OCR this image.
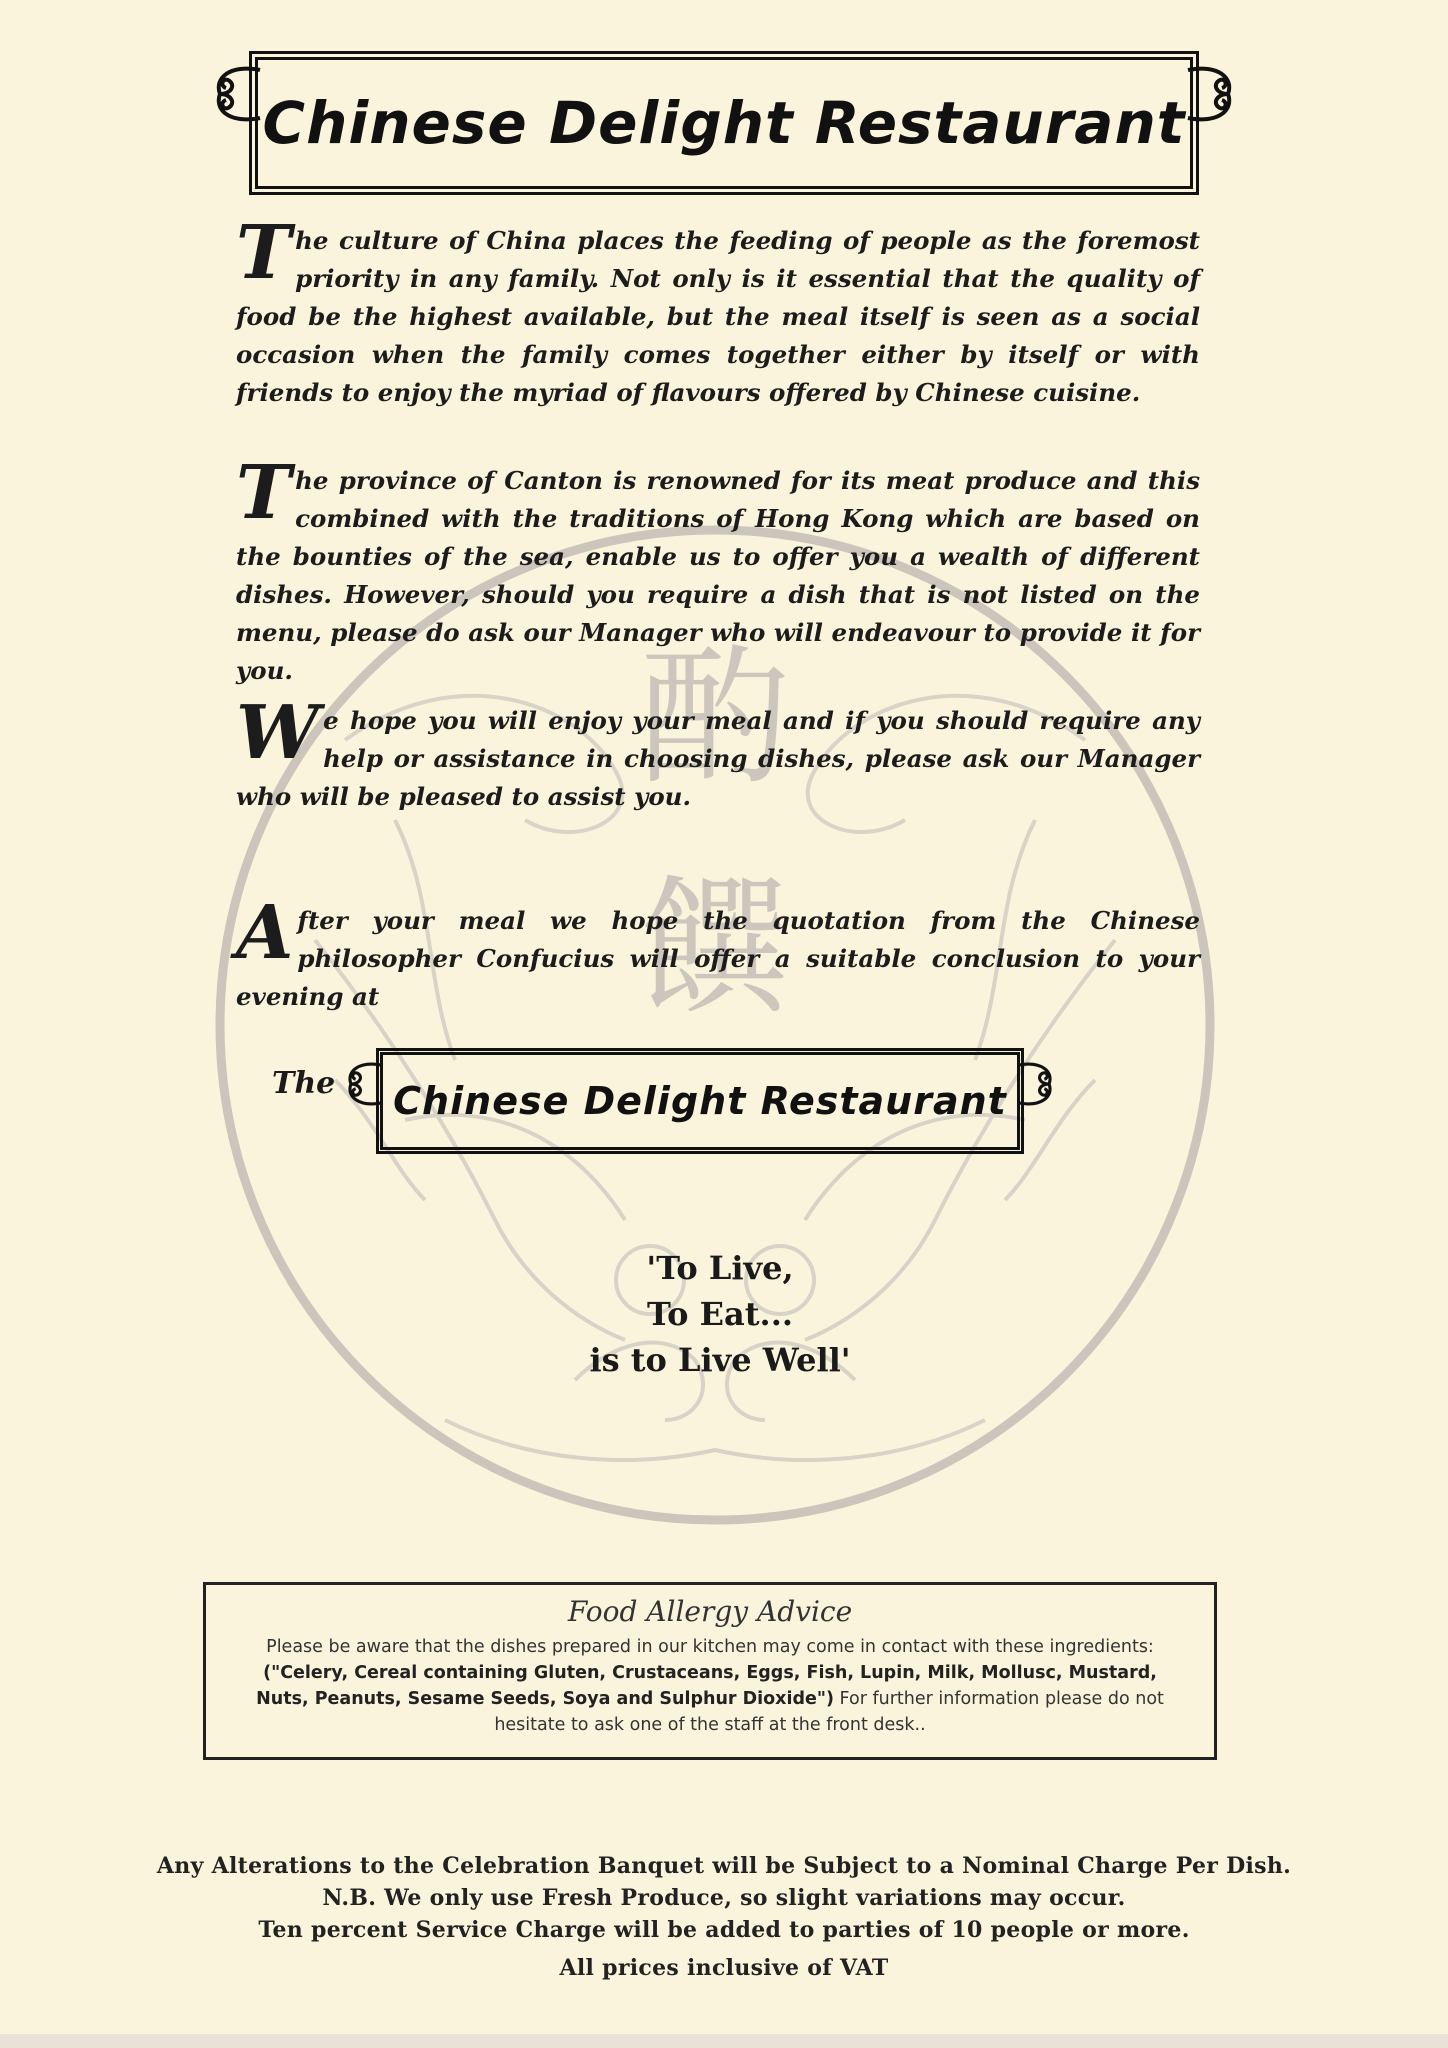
酌
饌
Chinese Delight Restaurant
The culture of China places the feeding of people as the foremost priority in any family. Not only is it essential that the quality of food be the highest available, but the meal itself is seen as a social occasion when the family comes together either by itself or with friends to enjoy the myriad of flavours offered by Chinese cuisine.
The province of Canton is renowned for its meat produce and this combined with the traditions of Hong Kong which are based on the bounties of the sea, enable us to offer you a wealth of different dishes. However, should you require a dish that is not listed on the menu, please do ask our Manager who will endeavour to provide it for you.
We hope you will enjoy your meal and if you should require any help or assistance in choosing dishes, please ask our Manager who will be pleased to assist you.
After your meal we hope the quotation from the Chinese philosopher Confucius will offer a suitable conclusion to your evening at
The Chinese Delight Restaurant
'To Live,
To Eat...
is to Live Well'
Food Allergy Advice
Please be aware that the dishes prepared in our kitchen may come in contact with these ingredients: ("Celery, Cereal containing Gluten, Crustaceans, Eggs, Fish, Lupin, Milk, Mollusc, Mustard, Nuts, Peanuts, Sesame Seeds, Soya and Sulphur Dioxide") For further information please do not hesitate to ask one of the staff at the front desk..
Any Alterations to the Celebration Banquet will be Subject to a Nominal Charge Per Dish.
N.B. We only use Fresh Produce, so slight variations may occur.
Ten percent Service Charge will be added to parties of 10 people or more.
All prices inclusive of VAT
